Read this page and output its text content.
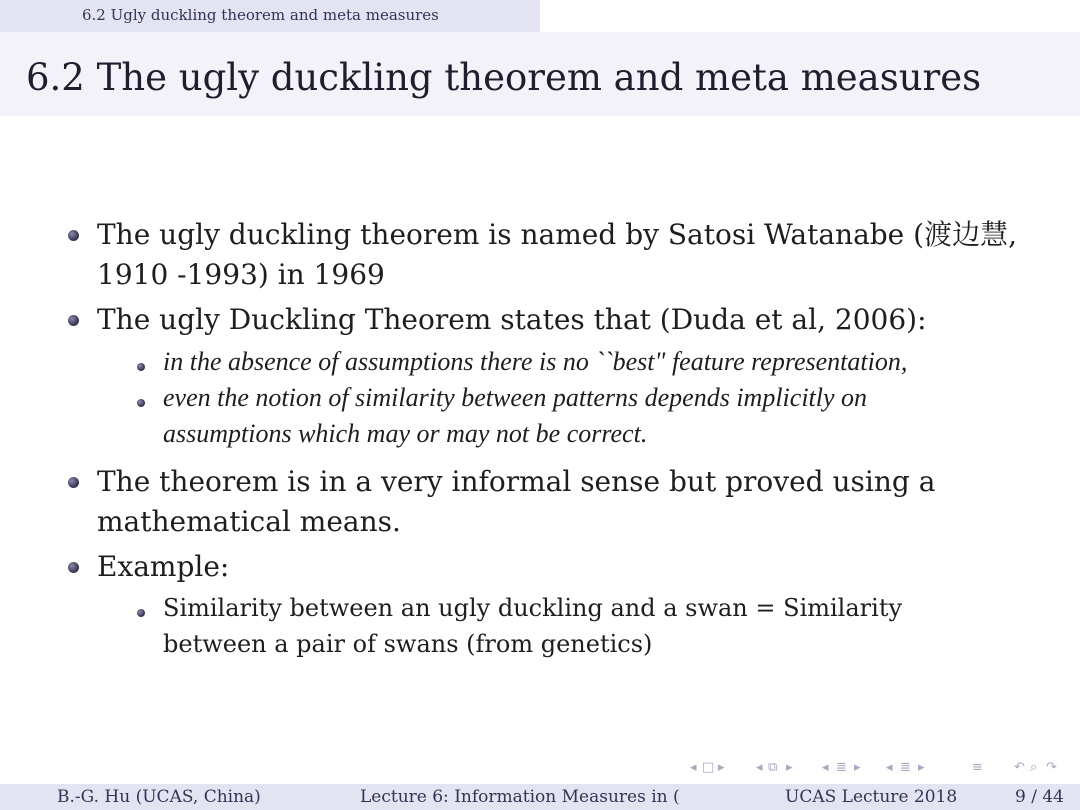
6.2 Ugly duckling theorem and meta measures
6.2 The ugly duckling theorem and meta measures
The ugly duckling theorem is named by Satosi Watanabe (渡边慧,
1910 -1993) in 1969
The ugly Duckling Theorem states that (Duda et al, 2006):
in the absence of assumptions there is no ``best" feature representation,
even the notion of similarity between patterns depends implicitly on
assumptions which may or may not be correct.
The theorem is in a very informal sense but proved using a
mathematical means.
Example:
Similarity between an ugly duckling and a swan = Similarity
between a pair of swans (from genetics)
◂ □ ▸ ◂ ⧉ ▸ ◂ ≣ ▸ ◂ ≣ ▸	≡ ↶ ⌕ ↷
B.-G. Hu (UCAS, China)	Lecture 6: Information Measures in (	UCAS Lecture 2018	9 / 44
